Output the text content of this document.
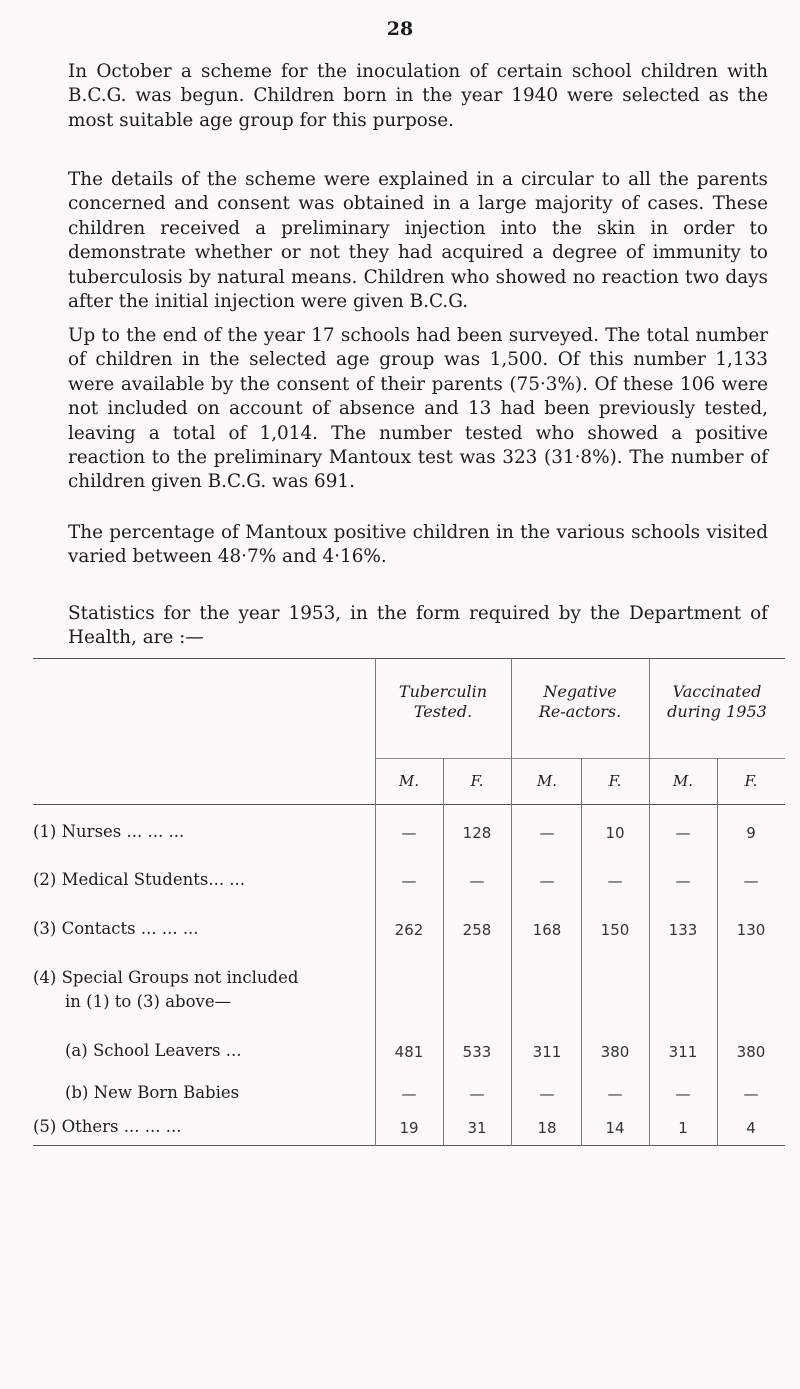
28

In October a scheme for the inoculation of certain school children with B.C.G. was begun. Children born in the year 1940 were selected as the most suitable age group for this purpose.

The details of the scheme were explained in a circular to all the parents concerned and consent was obtained in a large majority of cases. These children received a preliminary injection into the skin in order to demonstrate whether or not they had acquired a degree of immunity to tuberculosis by natural means. Children who showed no reaction two days after the initial injection were given B.C.G.

Up to the end of the year 17 schools had been surveyed. The total number of children in the selected age group was 1,500. Of this number 1,133 were available by the consent of their parents (75·3%). Of these 106 were not included on account of absence and 13 had been previously tested, leaving a total of 1,014. The number tested who showed a positive reaction to the preliminary Mantoux test was 323 (31·8%). The number of children given B.C.G. was 691.

The percentage of Mantoux positive children in the various schools visited varied between 48·7% and 4·16%.

Statistics for the year 1953, in the form required by the Department of Health, are :—

Tuberculin
Tested.
Negative
Re-actors.
Vaccinated
during 1953
M.	F.	M.	F.	M.	F.
(1) Nurses ... ... ...	—	128	—	10	—	9
(2) Medical Students... ...	—	—	—	—	—	—
(3) Contacts ... ... ...	262	258	168	150	133	130
(4) Special Groups not included
in (1) to (3) above—
(a) School Leavers ...	481	533	311	380	311	380
(b) New Born Babies	—	—	—	—	—	—
(5) Others ... ... ...	19	31	18	14	1	4
